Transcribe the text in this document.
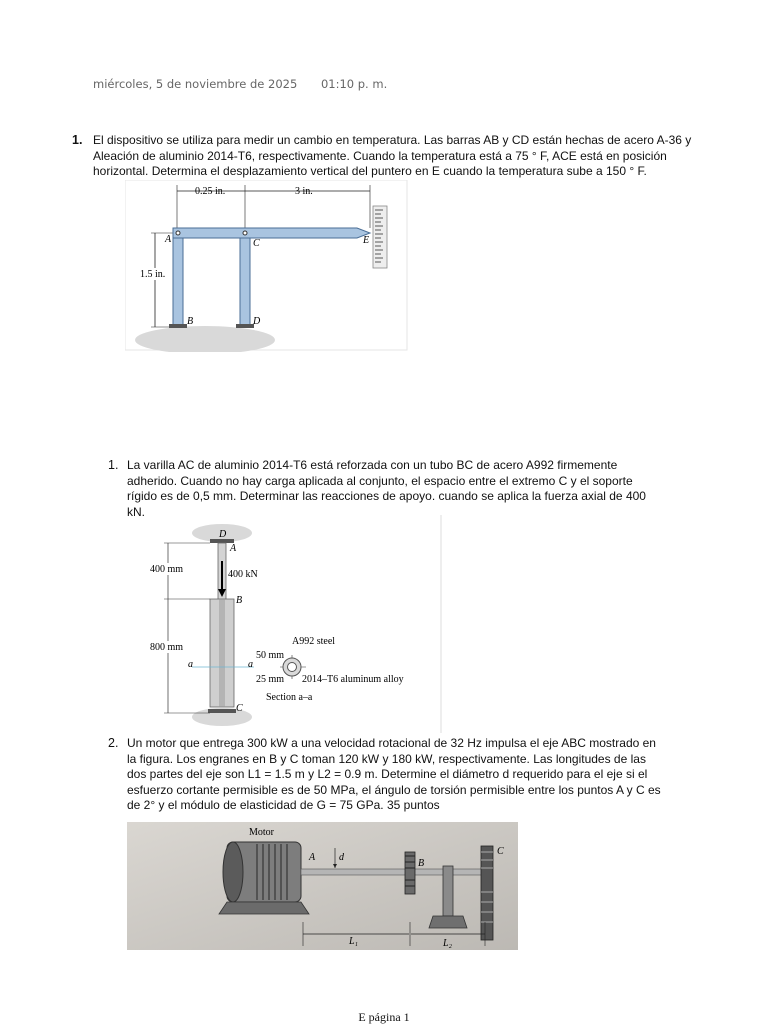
miércoles, 5 de noviembre de 2025 01:10 p. m.
1. El dispositivo se utiliza para medir un cambio en temperatura. Las barras AB y CD están hechas de acero A-36 y Aleación de aluminio 2014-T6, respectivamente. Cuando la temperatura está a 75 ° F, ACE está en posición horizontal. Determina el desplazamiento vertical del puntero en E cuando la temperatura sube a 150 ° F.
0.25 in.	3 in.
1.5 in.
A
B
C
D
E
1. La varilla AC de aluminio 2014-T6 está reforzada con un tubo BC de acero A992 firmemente adherido. Cuando no hay carga aplicada al conjunto, el espacio entre el extremo C y el soporte rígido es de 0,5 mm. Determinar las reacciones de apoyo. cuando se aplica la fuerza axial de 400 kN.
400 mm
800 mm
a	a
D
A
400 kN
B
C
A992 steel
50 mm
25 mm 2014–T6 aluminum alloy
Section a–a
2. Un motor que entrega 300 kW a una velocidad rotacional de 32 Hz impulsa el eje ABC mostrado en la figura. Los engranes en B y C toman 120 kW y 180 kW, respectivamente. Las longitudes de las dos partes del eje son L1 = 1.5 m y L2 = 0.9 m. Determine el diámetro d requerido para el eje si el esfuerzo cortante permisible es de 50 MPa, el ángulo de torsión permisible entre los puntos A y C es de 2° y el módulo de elasticidad de G = 75 GPa. 35 puntos
L₁	L₂
Motor
A d
B
C
E página 1
